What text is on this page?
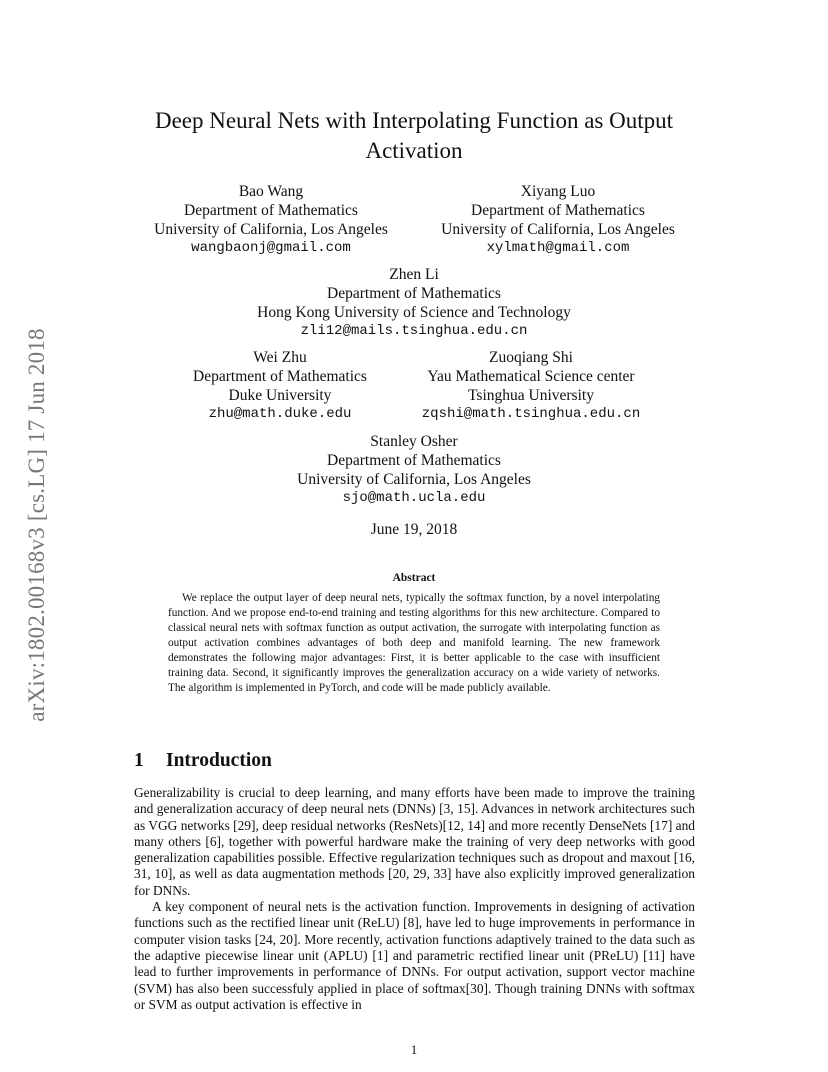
arXiv:1802.00168v3 [cs.LG] 17 Jun 2018
Deep Neural Nets with Interpolating Function as Output Activation
Bao Wang
Department of Mathematics
University of California, Los Angeles
wangbaonj@gmail.com
Xiyang Luo
Department of Mathematics
University of California, Los Angeles
xylmath@gmail.com
Zhen Li
Department of Mathematics
Hong Kong University of Science and Technology
zli12@mails.tsinghua.edu.cn
Wei Zhu
Department of Mathematics
Duke University
zhu@math.duke.edu
Zuoqiang Shi
Yau Mathematical Science center
Tsinghua University
zqshi@math.tsinghua.edu.cn
Stanley Osher
Department of Mathematics
University of California, Los Angeles
sjo@math.ucla.edu
June 19, 2018
Abstract

We replace the output layer of deep neural nets, typically the softmax function, by a novel interpolating function. And we propose end-to-end training and testing algorithms for this new architecture. Compared to classical neural nets with softmax function as output activation, the surrogate with interpolating function as output activation combines advantages of both deep and manifold learning. The new framework demonstrates the following major advantages: First, it is better applicable to the case with insufficient training data. Second, it significantly improves the generalization accuracy on a wide variety of networks. The algorithm is implemented in PyTorch, and code will be made publicly available.

1 Introduction

Generalizability is crucial to deep learning, and many efforts have been made to improve the training and generalization accuracy of deep neural nets (DNNs) [3, 15]. Advances in network architectures such as VGG networks [29], deep residual networks (ResNets)[12, 14] and more recently DenseNets [17] and many others [6], together with powerful hardware make the training of very deep networks with good generalization capabilities possible. Effective regularization techniques such as dropout and maxout [16, 31, 10], as well as data augmentation methods [20, 29, 33] have also explicitly improved generalization for DNNs.

A key component of neural nets is the activation function. Improvements in designing of activation functions such as the rectified linear unit (ReLU) [8], have led to huge improvements in performance in computer vision tasks [24, 20]. More recently, activation functions adaptively trained to the data such as the adaptive piecewise linear unit (APLU) [1] and parametric rectified linear unit (PReLU) [11] have lead to further improvements in performance of DNNs. For output activation, support vector machine (SVM) has also been successfuly applied in place of softmax[30]. Though training DNNs with softmax or SVM as output activation is effective in

1
